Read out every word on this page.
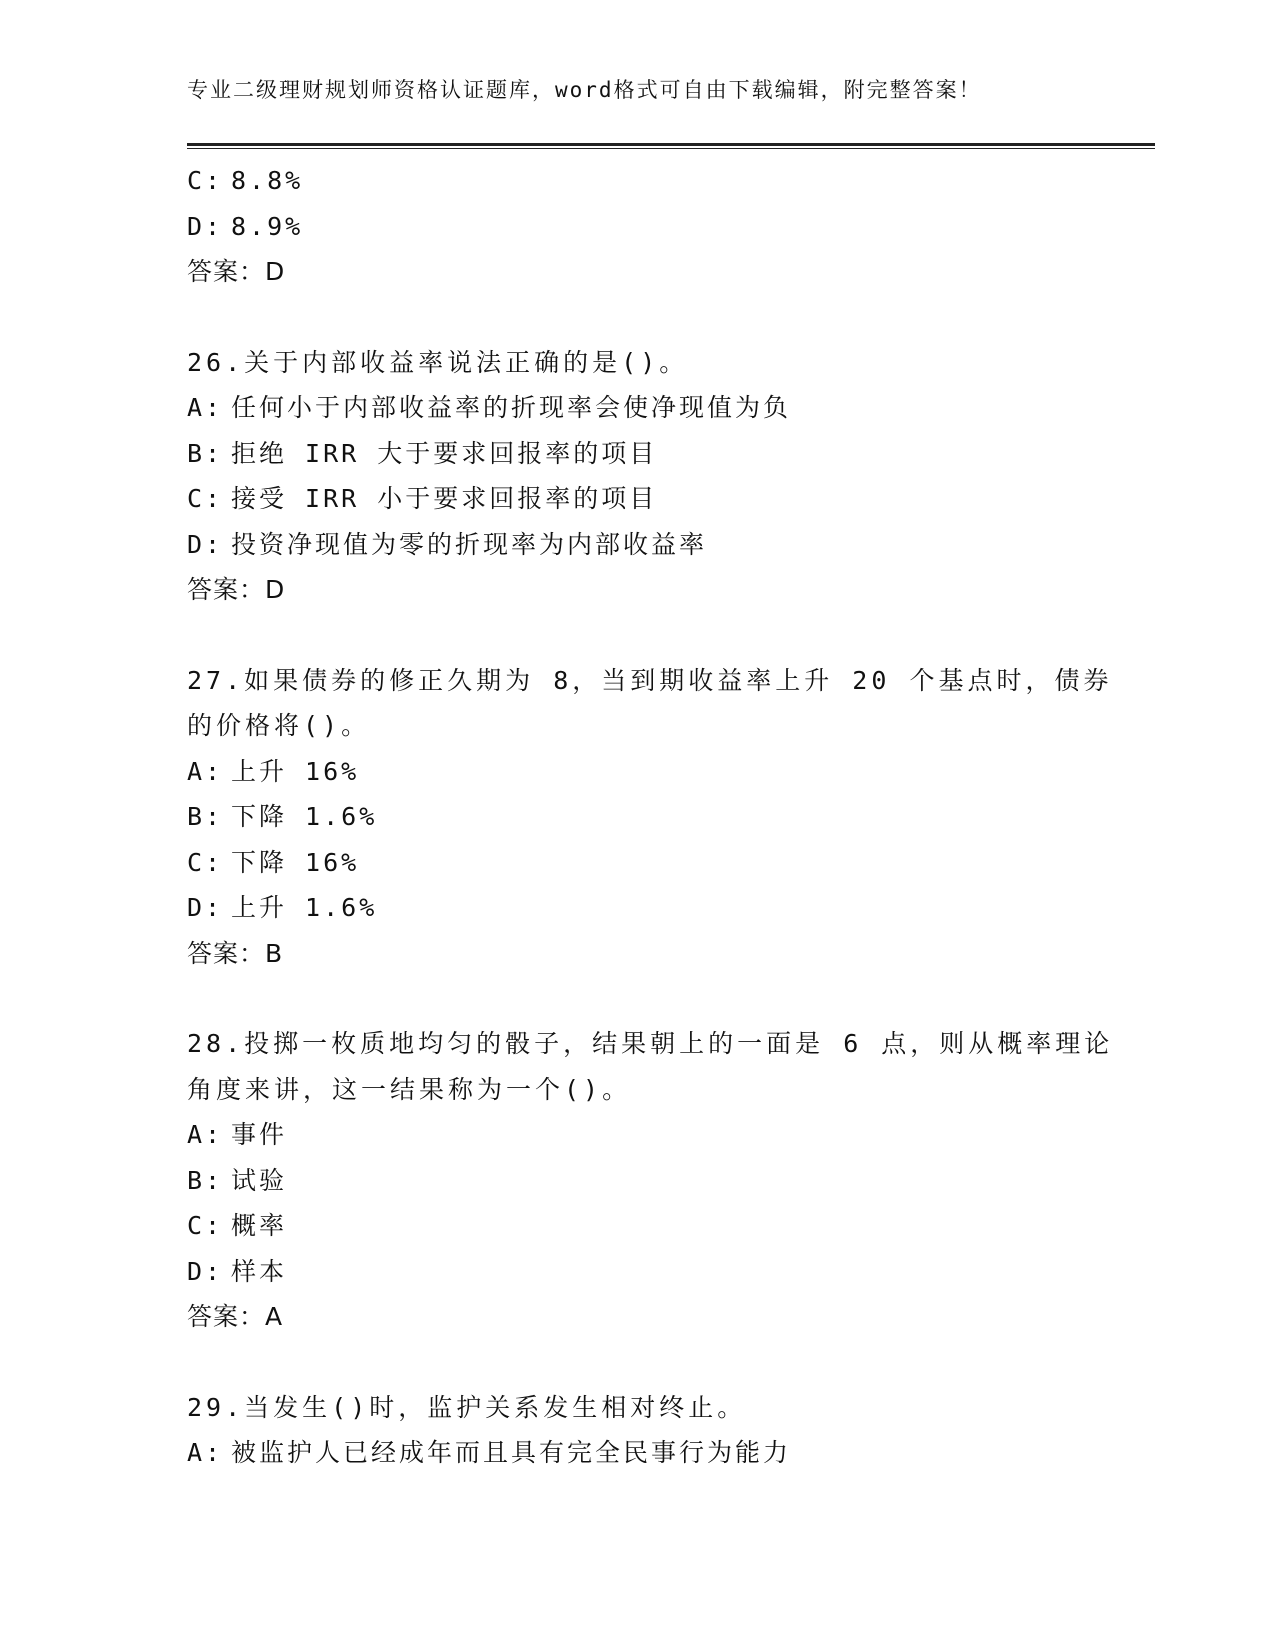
专业二级理财规划师资格认证题库，word格式可自由下载编辑，附完整答案！
C: 8.8%
D: 8.9%
答案：D
26.关于内部收益率说法正确的是()。
A: 任何小于内部收益率的折现率会使净现值为负
B: 拒绝 IRR 大于要求回报率的项目
C: 接受 IRR 小于要求回报率的项目
D: 投资净现值为零的折现率为内部收益率
答案：D
27.如果债券的修正久期为 8，当到期收益率上升 20 个基点时，债券的价格将()。
A: 上升 16%
B: 下降 1.6%
C: 下降 16%
D: 上升 1.6%
答案：B
28.投掷一枚质地均匀的骰子，结果朝上的一面是 6 点，则从概率理论角度来讲，这一结果称为一个()。
A: 事件
B: 试验
C: 概率
D: 样本
答案：A
29.当发生()时，监护关系发生相对终止。
A: 被监护人已经成年而且具有完全民事行为能力
